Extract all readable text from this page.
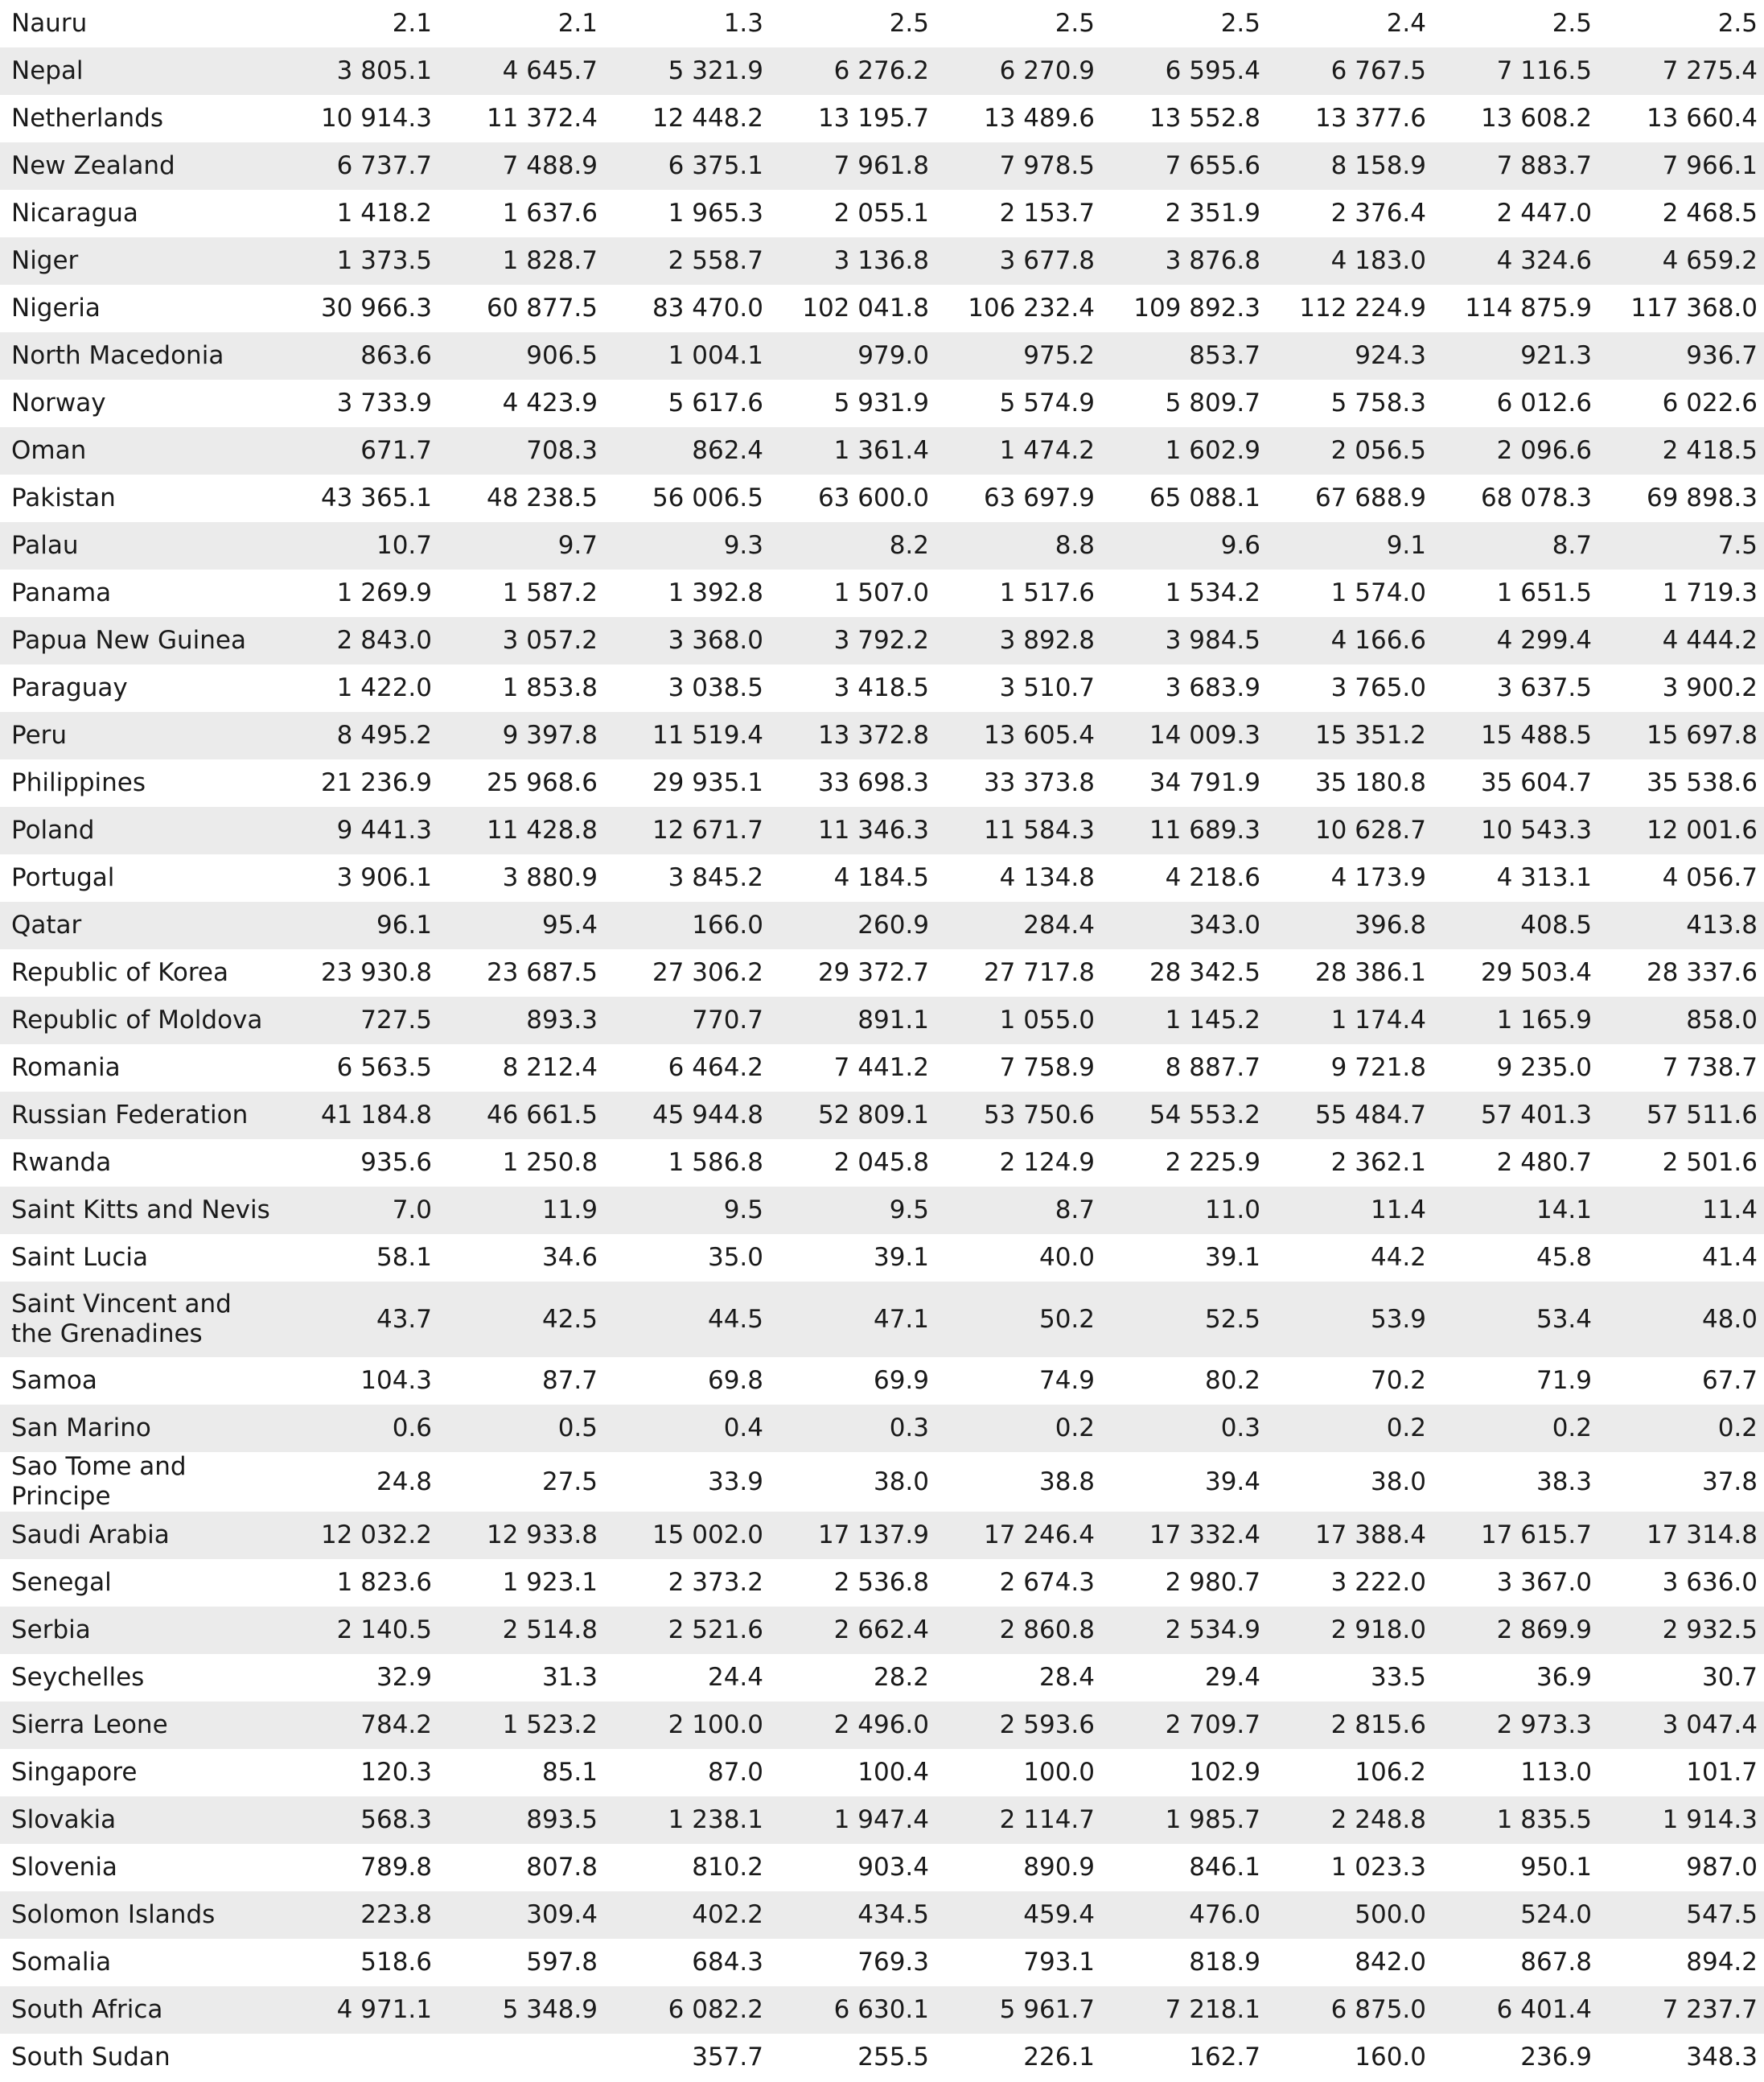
Nauru	2.1	2.1	1.3	2.5	2.5	2.5	2.4	2.5	2.5
Nepal	3 805.1	4 645.7	5 321.9	6 276.2	6 270.9	6 595.4	6 767.5	7 116.5	7 275.4
Netherlands	10 914.3	11 372.4	12 448.2	13 195.7	13 489.6	13 552.8	13 377.6	13 608.2	13 660.4
New Zealand	6 737.7	7 488.9	6 375.1	7 961.8	7 978.5	7 655.6	8 158.9	7 883.7	7 966.1
Nicaragua	1 418.2	1 637.6	1 965.3	2 055.1	2 153.7	2 351.9	2 376.4	2 447.0	2 468.5
Niger	1 373.5	1 828.7	2 558.7	3 136.8	3 677.8	3 876.8	4 183.0	4 324.6	4 659.2
Nigeria	30 966.3	60 877.5	83 470.0	102 041.8	106 232.4	109 892.3	112 224.9	114 875.9	117 368.0
North Macedonia	863.6	906.5	1 004.1	979.0	975.2	853.7	924.3	921.3	936.7
Norway	3 733.9	4 423.9	5 617.6	5 931.9	5 574.9	5 809.7	5 758.3	6 012.6	6 022.6
Oman	671.7	708.3	862.4	1 361.4	1 474.2	1 602.9	2 056.5	2 096.6	2 418.5
Pakistan	43 365.1	48 238.5	56 006.5	63 600.0	63 697.9	65 088.1	67 688.9	68 078.3	69 898.3
Palau	10.7	9.7	9.3	8.2	8.8	9.6	9.1	8.7	7.5
Panama	1 269.9	1 587.2	1 392.8	1 507.0	1 517.6	1 534.2	1 574.0	1 651.5	1 719.3
Papua New Guinea	2 843.0	3 057.2	3 368.0	3 792.2	3 892.8	3 984.5	4 166.6	4 299.4	4 444.2
Paraguay	1 422.0	1 853.8	3 038.5	3 418.5	3 510.7	3 683.9	3 765.0	3 637.5	3 900.2
Peru	8 495.2	9 397.8	11 519.4	13 372.8	13 605.4	14 009.3	15 351.2	15 488.5	15 697.8
Philippines	21 236.9	25 968.6	29 935.1	33 698.3	33 373.8	34 791.9	35 180.8	35 604.7	35 538.6
Poland	9 441.3	11 428.8	12 671.7	11 346.3	11 584.3	11 689.3	10 628.7	10 543.3	12 001.6
Portugal	3 906.1	3 880.9	3 845.2	4 184.5	4 134.8	4 218.6	4 173.9	4 313.1	4 056.7
Qatar	96.1	95.4	166.0	260.9	284.4	343.0	396.8	408.5	413.8
Republic of Korea	23 930.8	23 687.5	27 306.2	29 372.7	27 717.8	28 342.5	28 386.1	29 503.4	28 337.6
Republic of Moldova	727.5	893.3	770.7	891.1	1 055.0	1 145.2	1 174.4	1 165.9	858.0
Romania	6 563.5	8 212.4	6 464.2	7 441.2	7 758.9	8 887.7	9 721.8	9 235.0	7 738.7
Russian Federation	41 184.8	46 661.5	45 944.8	52 809.1	53 750.6	54 553.2	55 484.7	57 401.3	57 511.6
Rwanda	935.6	1 250.8	1 586.8	2 045.8	2 124.9	2 225.9	2 362.1	2 480.7	2 501.6
Saint Kitts and Nevis	7.0	11.9	9.5	9.5	8.7	11.0	11.4	14.1	11.4
Saint Lucia	58.1	34.6	35.0	39.1	40.0	39.1	44.2	45.8	41.4
Saint Vincent and the Grenadines	43.7	42.5	44.5	47.1	50.2	52.5	53.9	53.4	48.0
Samoa	104.3	87.7	69.8	69.9	74.9	80.2	70.2	71.9	67.7
San Marino	0.6	0.5	0.4	0.3	0.2	0.3	0.2	0.2	0.2
Sao Tome and Principe	24.8	27.5	33.9	38.0	38.8	39.4	38.0	38.3	37.8
Saudi Arabia	12 032.2	12 933.8	15 002.0	17 137.9	17 246.4	17 332.4	17 388.4	17 615.7	17 314.8
Senegal	1 823.6	1 923.1	2 373.2	2 536.8	2 674.3	2 980.7	3 222.0	3 367.0	3 636.0
Serbia	2 140.5	2 514.8	2 521.6	2 662.4	2 860.8	2 534.9	2 918.0	2 869.9	2 932.5
Seychelles	32.9	31.3	24.4	28.2	28.4	29.4	33.5	36.9	30.7
Sierra Leone	784.2	1 523.2	2 100.0	2 496.0	2 593.6	2 709.7	2 815.6	2 973.3	3 047.4
Singapore	120.3	85.1	87.0	100.4	100.0	102.9	106.2	113.0	101.7
Slovakia	568.3	893.5	1 238.1	1 947.4	2 114.7	1 985.7	2 248.8	1 835.5	1 914.3
Slovenia	789.8	807.8	810.2	903.4	890.9	846.1	1 023.3	950.1	987.0
Solomon Islands	223.8	309.4	402.2	434.5	459.4	476.0	500.0	524.0	547.5
Somalia	518.6	597.8	684.3	769.3	793.1	818.9	842.0	867.8	894.2
South Africa	4 971.1	5 348.9	6 082.2	6 630.1	5 961.7	7 218.1	6 875.0	6 401.4	7 237.7
South Sudan			357.7	255.5	226.1	162.7	160.0	236.9	348.3
